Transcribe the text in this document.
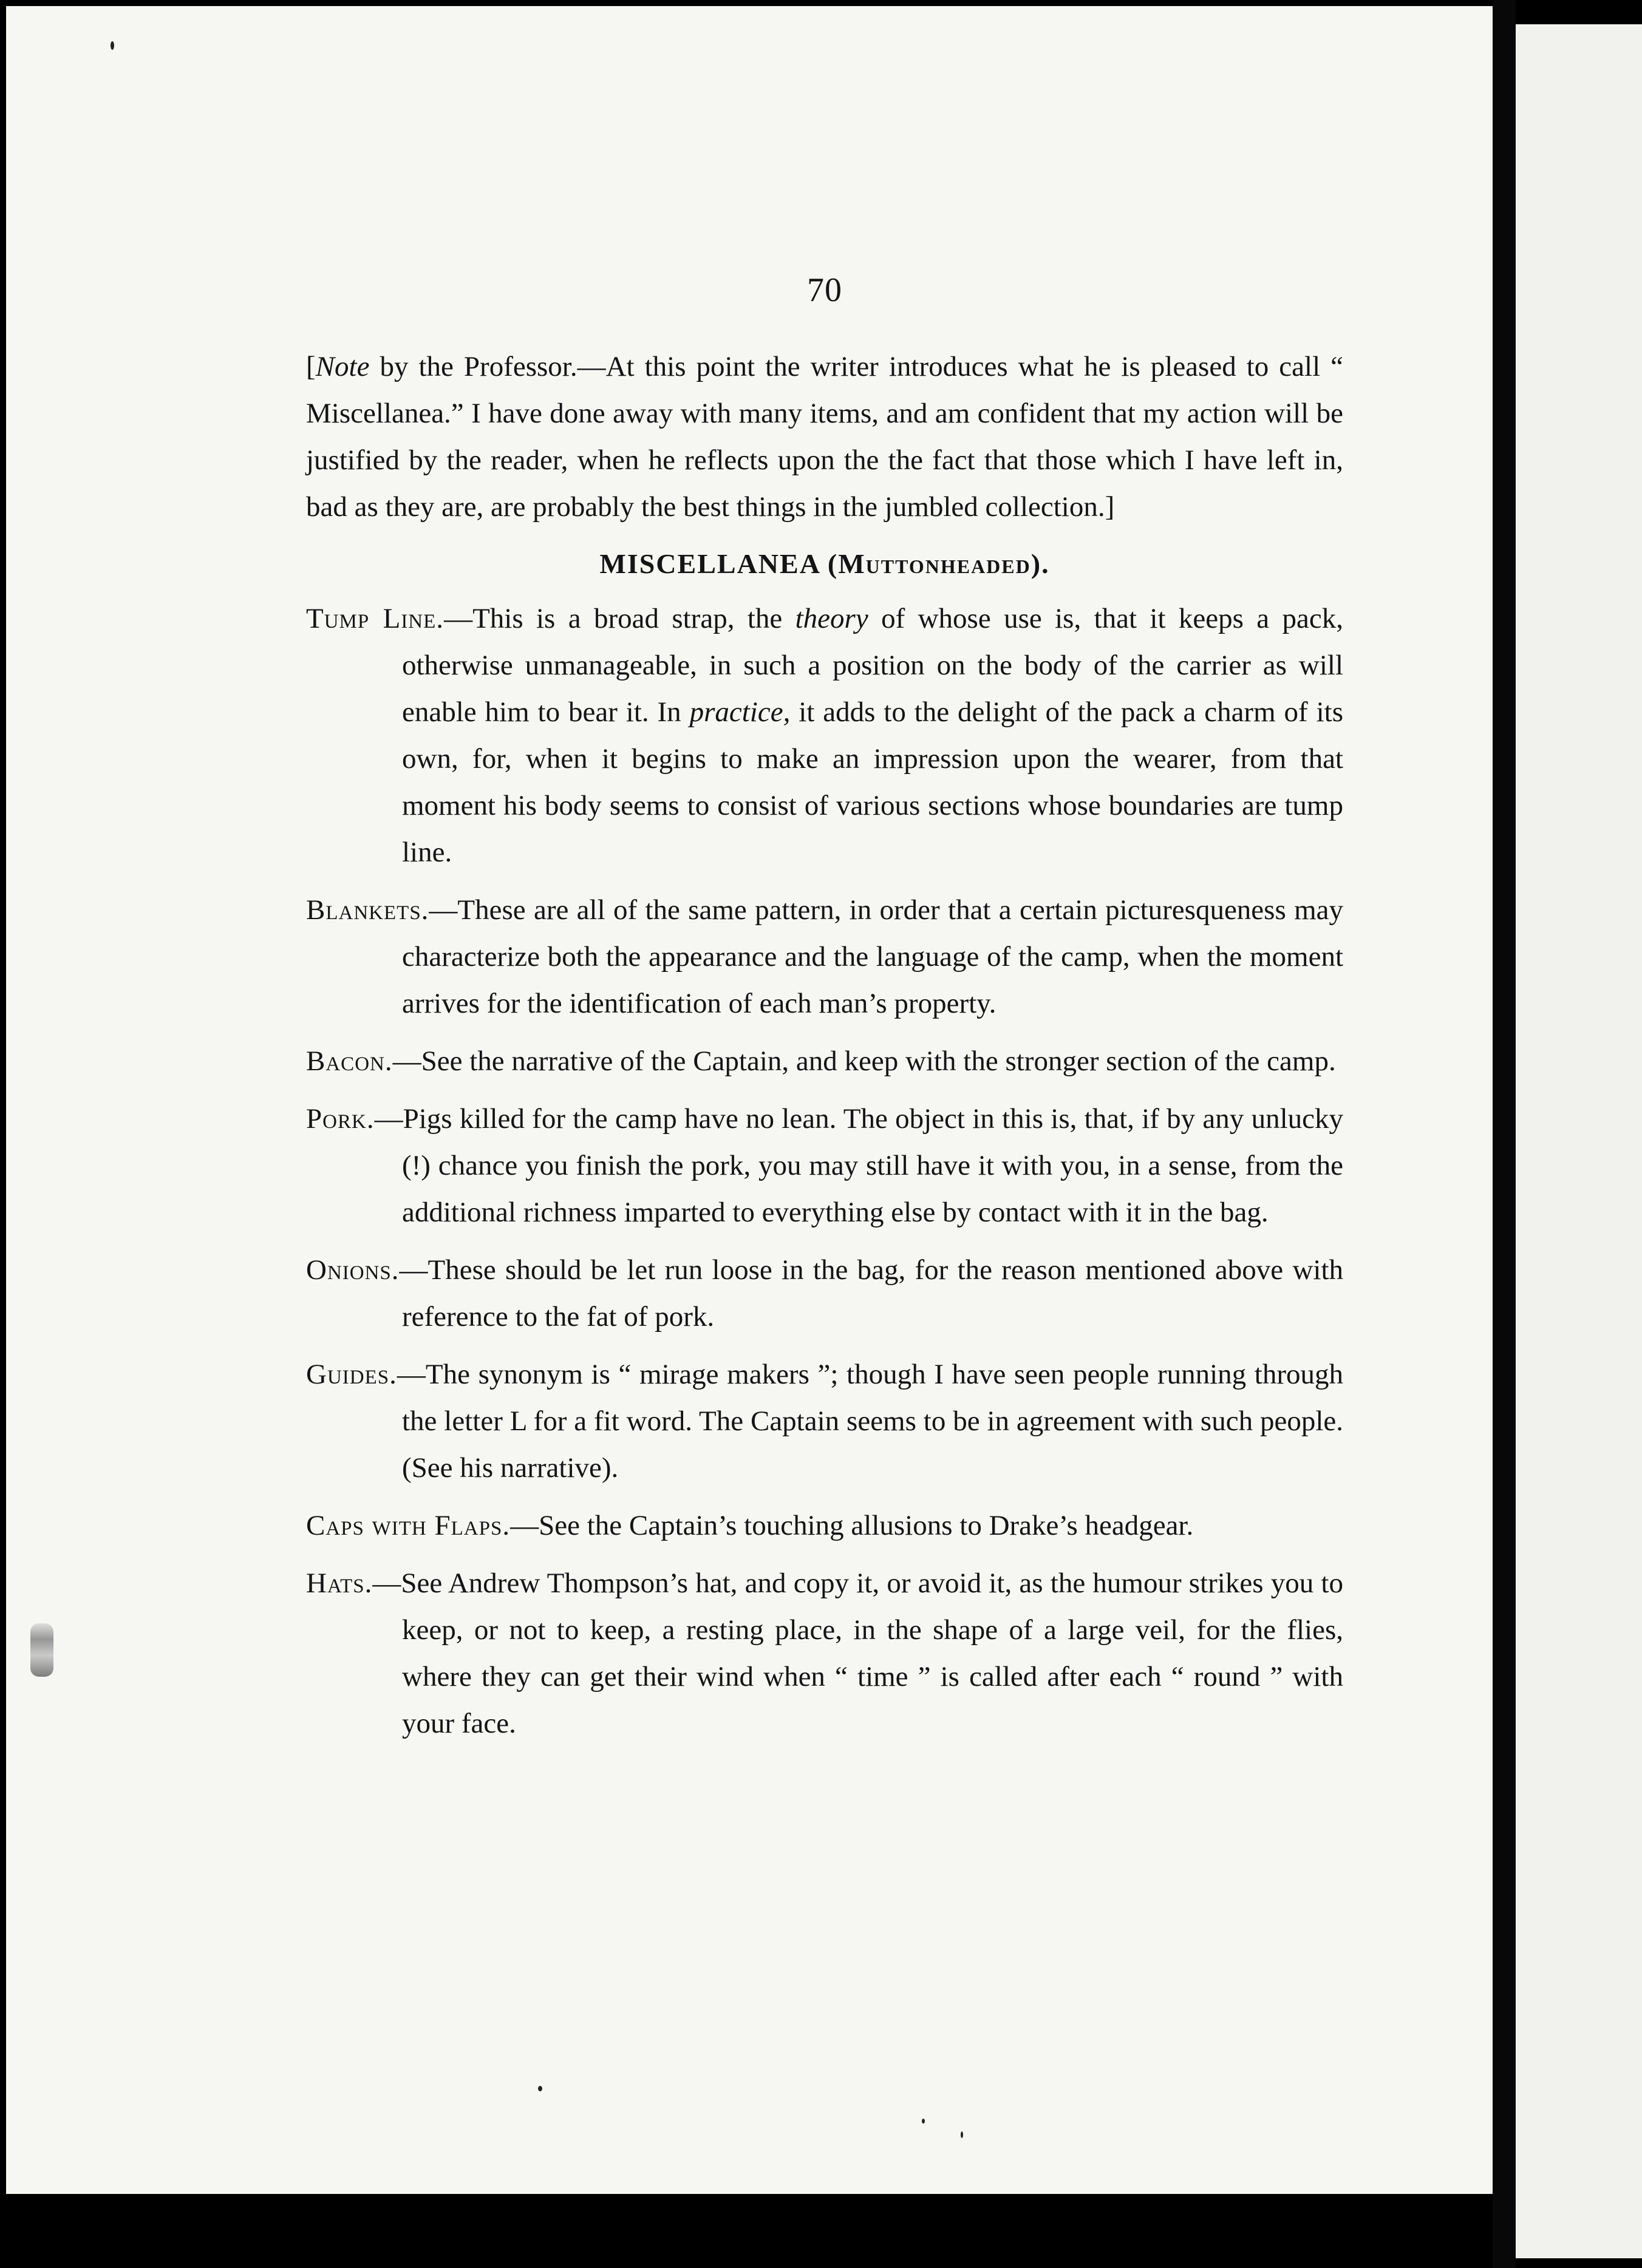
70

[Note by the Professor.—At this point the writer introduces what he is pleased to call “ Miscellanea.” I have done away with many items, and am confident that my action will be justified by the reader, when he reflects upon the the fact that those which I have left in, bad as they are, are probably the best things in the jumbled collection.]

MISCELLANEA (Muttonheaded).

Tump Line.—This is a broad strap, the theory of whose use is, that it keeps a pack, otherwise unmanageable, in such a position on the body of the carrier as will enable him to bear it. In practice, it adds to the delight of the pack a charm of its own, for, when it begins to make an impression upon the wearer, from that moment his body seems to consist of various sections whose boundaries are tump line.

Blankets.—These are all of the same pattern, in order that a certain picturesqueness may characterize both the appearance and the language of the camp, when the moment arrives for the identification of each man’s property.

Bacon.—See the narrative of the Captain, and keep with the stronger section of the camp.

Pork.—Pigs killed for the camp have no lean. The object in this is, that, if by any unlucky (!) chance you finish the pork, you may still have it with you, in a sense, from the additional richness imparted to everything else by contact with it in the bag.

Onions.—These should be let run loose in the bag, for the reason mentioned above with reference to the fat of pork.

Guides.—The synonym is “ mirage makers ”; though I have seen people running through the letter L for a fit word. The Captain seems to be in agreement with such people. (See his narrative).

Caps with Flaps.—See the Captain’s touching allusions to Drake’s headgear.

Hats.—See Andrew Thompson’s hat, and copy it, or avoid it, as the humour strikes you to keep, or not to keep, a resting place, in the shape of a large veil, for the flies, where they can get their wind when “ time ” is called after each “ round ” with your face.
